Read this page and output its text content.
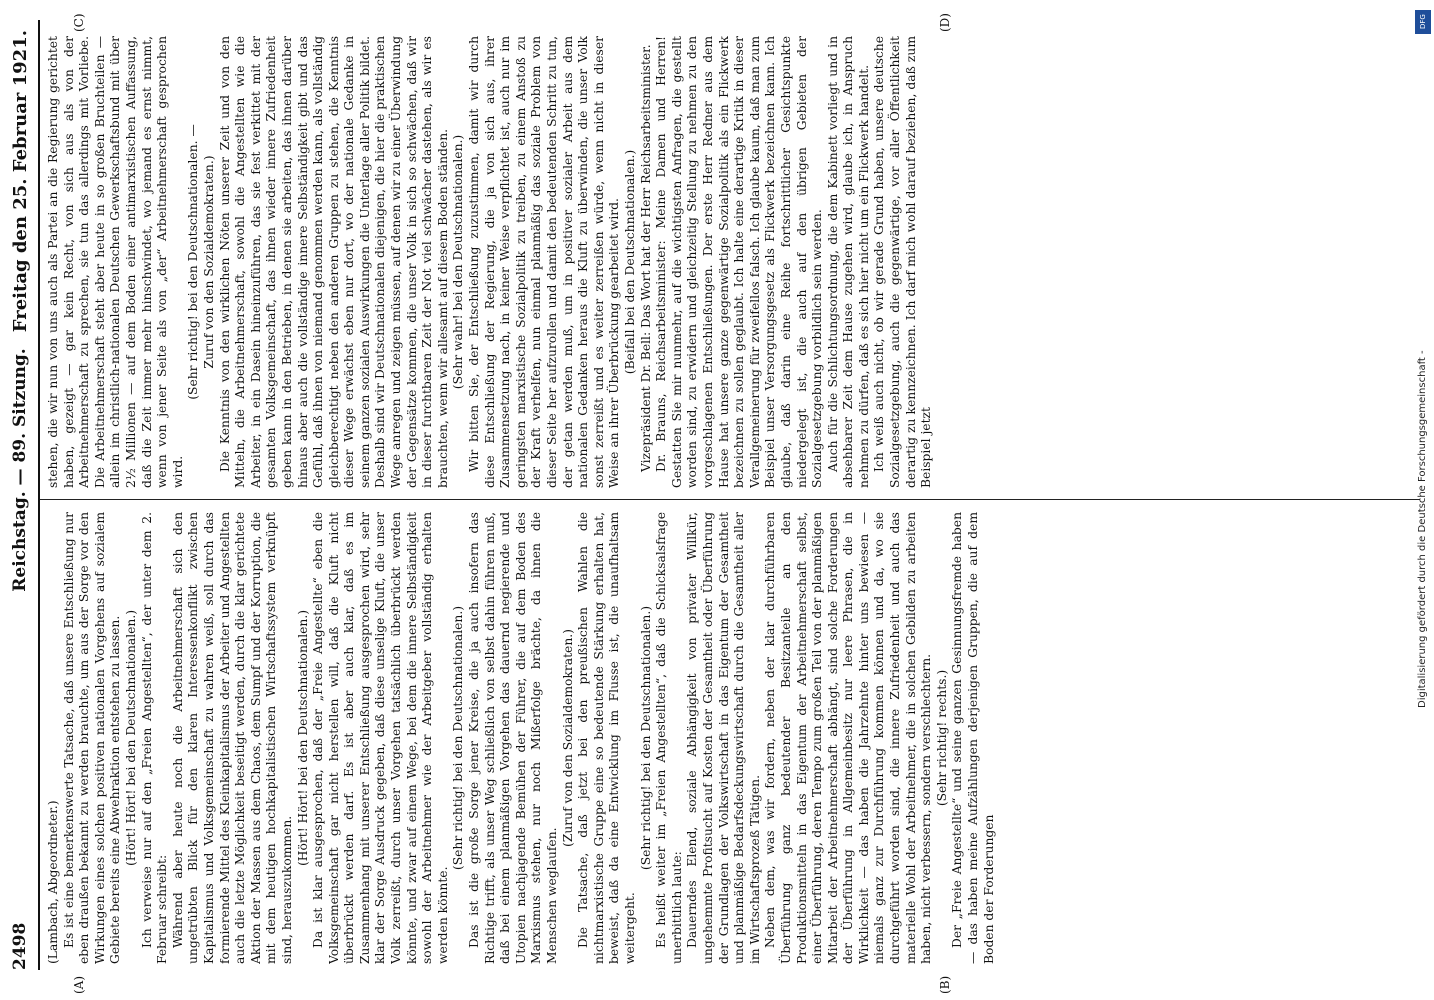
2498
Reichstag. — 89. Sitzung.
Freitag den 25. Februar 1921.
(A)	(B)
(C)	(D)

(Lambach, Abgeordneter.) Es ist eine bemerkenswerte Tatsache, daß unsere Entschließung nur eben draußen bekannt zu werden brauchte, um aus der Sorge vor den Wirkungen eines solchen positiven nationalen Vorgehens auf sozialem Gebiete bereits eine Abwehraktion entstehen zu lassen. (Hört! Hört! bei den Deutschnationalen.) Ich verweise nur auf den „Freien Angestellten“, der unter dem 2. Februar schreibt: Während aber heute noch die Arbeitnehmerschaft sich den ungetrübten Blick für den klaren Interessenkonflikt zwischen Kapitalismus und Volksgemeinschaft zu wahren weiß, soll durch das formierende Mittel des Kleinkapitalismus der Arbeiter und Angestellten auch die letzte Möglichkeit beseitigt werden, durch die klar gerichtete Aktion der Massen aus dem Chaos, dem Sumpf und der Korruption, die mit dem heutigen hochkapitalistischen Wirtschaftssystem verknüpft sind, herauszukommen.

(Hört! Hört! bei den Deutschnationalen.) Da ist klar ausgesprochen, daß der „Freie Angestellte“ eben die Volksgemeinschaft gar nicht herstellen will, daß die Kluft nicht überbrückt werden darf. Es ist aber auch klar, daß es im Zusammenhang mit unserer Entschließung ausgesprochen wird, sehr klar der Sorge Ausdruck gegeben, daß diese unselige Kluft, die unser Volk zerreißt, durch unser Vorgehen tatsächlich überbrückt werden könnte, und zwar auf einem Wege, bei dem die innere Selbständigkeit sowohl der Arbeitnehmer wie der Arbeitgeber vollständig erhalten werden könnte.

(Sehr richtig! bei den Deutschnationalen.) Das ist die große Sorge jener Kreise, die ja auch insofern das Richtige trifft, als unser Weg schließlich von selbst dahin führen muß, daß bei einem planmäßigen Vorgehen das dauernd negierende und Utopien nachjagende Bemühen der Führer, die auf dem Boden des Marxismus stehen, nur noch Mißerfolge brächte, da ihnen die Menschen weglaufen.

(Zuruf von den Sozialdemokraten.) Die Tatsache, daß jetzt bei den preußischen Wahlen die nichtmarxistische Gruppe eine so bedeutende Stärkung erhalten hat, beweist, daß da eine Entwicklung im Flusse ist, die unaufhaltsam weitergeht.

(Sehr richtig! bei den Deutschnationalen.) Es heißt weiter im „Freien Angestellten“, daß die Schicksalsfrage unerbittlich laute: Dauerndes Elend, soziale Abhängigkeit von privater Willkür, ungehemmte Profitsucht auf Kosten der Gesamtheit oder Überführung der Grundlagen der Volkswirtschaft in das Eigentum der Gesamtheit und planmäßige Bedarfsdeckungswirtschaft durch die Gesamtheit aller im Wirtschaftsprozeß Tätigen. Neben dem, was wir fordern, neben der klar durchführbaren Überführung ganz bedeutender Besitzanteile an den Produktionsmitteln in das Eigentum der Arbeitnehmerschaft selbst, einer Überführung, deren Tempo zum großen Teil von der planmäßigen Mitarbeit der Arbeitnehmerschaft abhängt, sind solche Forderungen der Überführung in Allgemeinbesitz nur leere Phrasen, die in Wirklichkeit — das haben die Jahrzehnte hinter uns bewiesen — niemals ganz zur Durchführung kommen können und da, wo sie durchgeführt worden sind, die innere Zufriedenheit und auch das materielle Wohl der Arbeitnehmer, die in solchen Gebilden zu arbeiten haben, nicht verbessern, sondern verschlechtern. (Sehr richtig! rechts.) Der „Freie Angestellte“ und seine ganzen Gesinnungsfremde haben — das haben meine Aufzählungen derjenigen Gruppen, die auf dem Boden der Forderungen

stehen, die wir nun von uns auch als Partei an die Regierung gerichtet haben, gezeigt — gar kein Recht, von sich aus als von der Arbeitnehmerschaft zu sprechen, sie tun das allerdings mit Vorliebe. Die Arbeitnehmerschaft steht aber heute in so großen Bruchteilen — allein im christlich-nationalen Deutschen Gewerkschaftsbund mit über 2½ Millionen — auf dem Boden einer antimarxistischen Auffassung, daß die Zeit immer mehr hinschwindet, wo jemand es ernst nimmt, wenn von jener Seite als von „der“ Arbeitnehmerschaft gesprochen wird.

(Sehr richtig! bei den Deutschnationalen. — Zuruf von den Sozialdemokraten.) Die Kenntnis von den wirklichen Nöten unserer Zeit und von den Mitteln, die Arbeitnehmerschaft, sowohl die Angestellten wie die Arbeiter, in ein Dasein hineinzuführen, das sie fest verkittet mit der gesamten Volksgemeinschaft, das ihnen wieder innere Zufriedenheit geben kann in den Betrieben, in denen sie arbeiten, das ihnen darüber hinaus aber auch die vollständige innere Selbständigkeit gibt und das Gefühl, daß ihnen von niemand genommen werden kann, als vollständig gleichberechtigt neben den anderen Gruppen zu stehen, die Kenntnis dieser Wege erwächst eben nur dort, wo der nationale Gedanke in seinem ganzen sozialen Auswirkungen die Unterlage aller Politik bildet. Deshalb sind wir Deutschnationalen diejenigen, die hier die praktischen Wege anregen und zeigen müssen, auf denen wir zu einer Überwindung der Gegensätze kommen, die unser Volk in sich so schwächen, daß wir in dieser furchtbaren Zeit der Not viel schwächer dastehen, als wir es brauchten, wenn wir allesamt auf diesem Boden ständen. (Sehr wahr! bei den Deutschnationalen.) Wir bitten Sie, der Entschließung zuzustimmen, damit wir durch diese Entschließung der Regierung, die ja von sich aus, ihrer Zusammensetzung nach, in keiner Weise verpflichtet ist, auch nur im geringsten marxistische Sozialpolitik zu treiben, zu einem Anstoß zu der Kraft verhelfen, nun einmal planmäßig das soziale Problem von dieser Seite her aufzurollen und damit den bedeutenden Schritt zu tun, der getan werden muß, um in positiver sozialer Arbeit aus dem nationalen Gedanken heraus die Kluft zu überwinden, die unser Volk sonst zerreißt und es weiter zerreißen würde, wenn nicht in dieser Weise an ihrer Überbrückung gearbeitet wird. (Beifall bei den Deutschnationalen.) Vizepräsident Dr. Bell: Das Wort hat der Herr Reichsarbeitsminister. Dr. Brauns, Reichsarbeitsminister: Meine Damen und Herren! Gestatten Sie mir nunmehr, auf die wichtigsten Anfragen, die gestellt worden sind, zu erwidern und gleichzeitig Stellung zu nehmen zu den vorgeschlagenen Entschließungen. Der erste Herr Redner aus dem Hause hat unsere ganze gegenwärtige Sozialpolitik als ein Flickwerk bezeichnen zu sollen geglaubt. Ich halte eine derartige Kritik in dieser Verallgemeinerung für zweifellos falsch. Ich glaube kaum, daß man zum Beispiel unser Versorgungsgesetz als Flickwerk bezeichnen kann. Ich glaube, daß darin eine Reihe fortschrittlicher Gesichtspunkte niedergelegt ist, die auch auf den übrigen Gebieten der Sozialgesetzgebung vorbildlich sein werden. Auch für die Schlichtungsordnung, die dem Kabinett vorliegt und in absehbarer Zeit dem Hause zugehen wird, glaube ich, in Anspruch nehmen zu dürfen, daß es sich hier nicht um ein Flickwerk handelt. Ich weiß auch nicht, ob wir gerade Grund haben, unsere deutsche Sozialgesetzgebung, auch die gegenwärtige, vor aller Öffentlichkeit derartig zu kennzeichnen. Ich darf mich wohl darauf beziehen, daß zum Beispiel jetzt

DFG
Digitalisierung gefördert durch die Deutsche Forschungsgemeinschaft -
